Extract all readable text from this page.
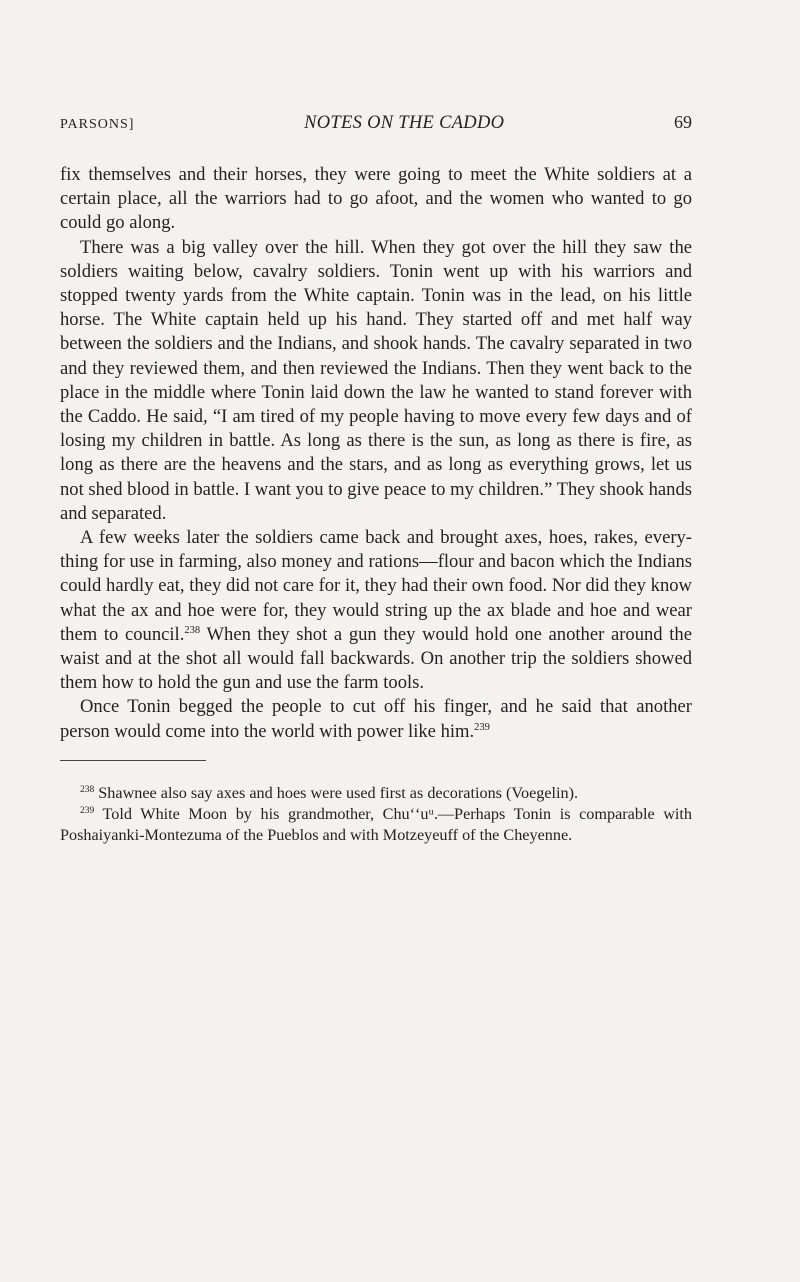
PARSONS]	NOTES ON THE CADDO	69

fix themselves and their horses, they were going to meet the White soldiers at a certain place, all the warriors had to go afoot, and the women who wanted to go could go along.

There was a big valley over the hill. When they got over the hill they saw the soldiers waiting below, cavalry soldiers. Tonin went up with his warriors and stopped twenty yards from the White captain. Tonin was in the lead, on his little horse. The White captain held up his hand. They started off and met half way between the soldiers and the Indians, and shook hands. The cavalry separated in two and they reviewed them, and then reviewed the Indians. Then they went back to the place in the middle where Tonin laid down the law he wanted to stand forever with the Caddo. He said, “I am tired of my people having to move every few days and of losing my children in battle. As long as there is the sun, as long as there is fire, as long as there are the heavens and the stars, and as long as everything grows, let us not shed blood in battle. I want you to give peace to my children.” They shook hands and separated.

A few weeks later the soldiers came back and brought axes, hoes, rakes, every-thing for use in farming, also money and rations—flour and bacon which the Indians could hardly eat, they did not care for it, they had their own food. Nor did they know what the ax and hoe were for, they would string up the ax blade and hoe and wear them to council.$^{238}$ When they shot a gun they would hold one another around the waist and at the shot all would fall backwards. On another trip the soldiers showed them how to hold the gun and use the farm tools.

Once Tonin begged the people to cut off his finger, and he said that another person would come into the world with power like him.$^{239}$

$^{238}$ Shawnee also say axes and hoes were used first as decorations (Voegelin).

$^{239}$ Told White Moon by his grandmother, Chuʻʻuᵘ.—Perhaps Tonin is comparable with Poshaiyanki-Montezuma of the Pueblos and with Motzeyeuff of the Cheyenne.
